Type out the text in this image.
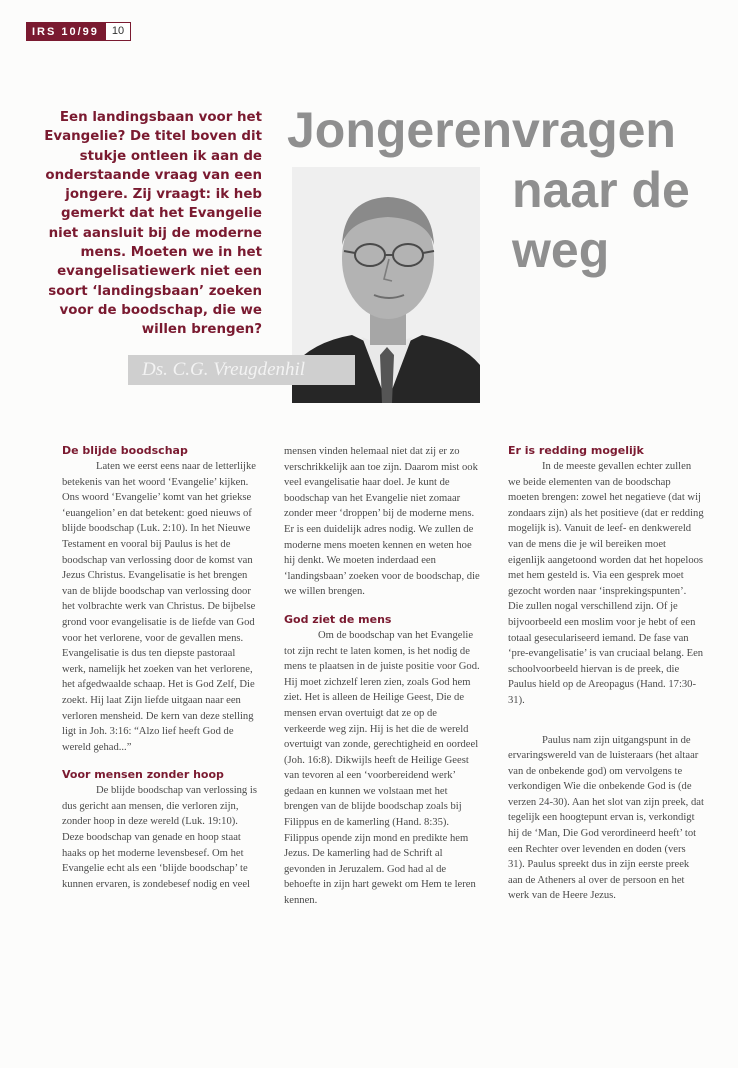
IRS 10/99	10
Een landingsbaan voor het Evangelie? De titel boven dit stukje ontleen ik aan de onderstaande vraag van een jongere. Zij vraagt: ik heb gemerkt dat het Evangelie niet aansluit bij de moderne mens. Moeten we in het evangelisatiewerk niet een soort ‘landingsbaan’ zoeken voor de boodschap, die we willen brengen?
Jongeren vragen
naar de
weg
Ds. C.G. Vreugdenhil
De blijde boodschap

Laten we eerst eens naar de letterlijke betekenis van het woord ‘Evangelie’ kijken. Ons woord ‘Evangelie’ komt van het griekse ‘euangelion’ en dat betekent: goed nieuws of blijde boodschap (Luk. 2:10). In het Nieuwe Testament en vooral bij Paulus is het de boodschap van verlossing door de komst van Jezus Christus. Evangelisatie is het brengen van de blijde boodschap van verlossing door het volbrachte werk van Christus. De bijbelse grond voor evangelisatie is de liefde van God voor het verlorene, voor de gevallen mens. Evangelisatie is dus ten diepste pastoraal werk, namelijk het zoeken van het verlorene, het afgedwaalde schaap. Het is God Zelf, Die zoekt. Hij laat Zijn liefde uitgaan naar een verloren mensheid. De kern van deze stelling ligt in Joh. 3:16: “Alzo lief heeft God de wereld gehad...”

Voor mensen zonder hoop

De blijde boodschap van verlossing is dus gericht aan mensen, die verloren zijn, zonder hoop in deze wereld (Luk. 19:10). Deze boodschap van genade en hoop staat haaks op het moderne levensbesef. Om het Evangelie echt als een ‘blijde boodschap’ te kunnen ervaren, is zondebesef nodig en veel

mensen vinden helemaal niet dat zij er zo verschrikkelijk aan toe zijn. Daarom mist ook veel evangelisatie haar doel. Je kunt de boodschap van het Evangelie niet zomaar zonder meer ‘droppen’ bij de moderne mens. Er is een duidelijk adres nodig. We zullen de moderne mens moeten kennen en weten hoe hij denkt. We moeten inderdaad een ‘landingsbaan’ zoeken voor de boodschap, die we willen brengen.

God ziet de mens

Om de boodschap van het Evangelie tot zijn recht te laten komen, is het nodig de mens te plaatsen in de juiste positie voor God. Hij moet zichzelf leren zien, zoals God hem ziet. Het is alleen de Heilige Geest, Die de mensen ervan overtuigt dat ze op de verkeerde weg zijn. Hij is het die de wereld overtuigt van zonde, gerechtigheid en oordeel (Joh. 16:8). Dikwijls heeft de Heilige Geest van tevoren al een ‘voorbereidend werk’ gedaan en kunnen we volstaan met het brengen van de blijde boodschap zoals bij Filippus en de kamerling (Hand. 8:35). Filippus opende zijn mond en predikte hem Jezus. De kamerling had de Schrift al gevonden in Jeruzalem. God had al de behoefte in zijn hart gewekt om Hem te leren kennen.

Er is redding mogelijk

In de meeste gevallen echter zullen we beide elementen van de boodschap moeten brengen: zowel het negatieve (dat wij zondaars zijn) als het positieve (dat er redding mogelijk is). Vanuit de leef- en denkwereld van de mens die je wil bereiken moet eigenlijk aangetoond worden dat het hopeloos met hem gesteld is. Via een gesprek moet gezocht worden naar ‘insprekingspunten’. Die zullen nogal verschillend zijn. Of je bijvoorbeeld een moslim voor je hebt of een totaal geseculariseerd iemand. De fase van ‘pre-evangelisatie’ is van cruciaal belang. Een schoolvoorbeeld hiervan is de preek, die Paulus hield op de Areopagus (Hand. 17:30-31).

Paulus nam zijn uitgangspunt in de ervaringswereld van de luisteraars (het altaar van de onbekende god) om vervolgens te verkondigen Wie die onbekende God is (de verzen 24-30). Aan het slot van zijn preek, dat tegelijk een hoogtepunt ervan is, verkondigt hij de ‘Man, Die God verordineerd heeft’ tot een Rechter over levenden en doden (vers 31). Paulus spreekt dus in zijn eerste preek aan de Atheners al over de persoon en het werk van de Heere Jezus.
